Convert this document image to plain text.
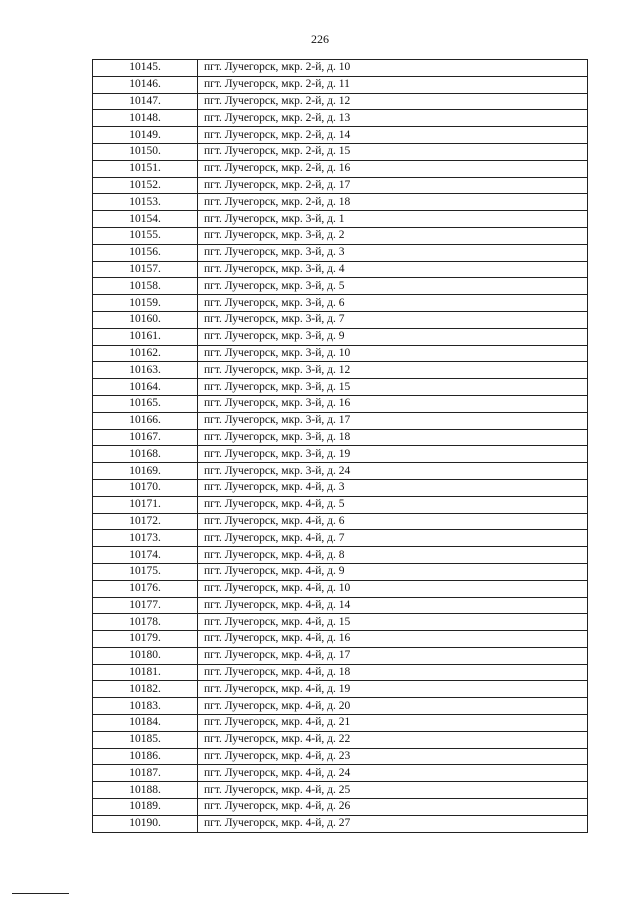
226
10145.	пгт. Лучегорск, мкр. 2-й, д. 10
10146.	пгт. Лучегорск, мкр. 2-й, д. 11
10147.	пгт. Лучегорск, мкр. 2-й, д. 12
10148.	пгт. Лучегорск, мкр. 2-й, д. 13
10149.	пгт. Лучегорск, мкр. 2-й, д. 14
10150.	пгт. Лучегорск, мкр. 2-й, д. 15
10151.	пгт. Лучегорск, мкр. 2-й, д. 16
10152.	пгт. Лучегорск, мкр. 2-й, д. 17
10153.	пгт. Лучегорск, мкр. 2-й, д. 18
10154.	пгт. Лучегорск, мкр. 3-й, д. 1
10155.	пгт. Лучегорск, мкр. 3-й, д. 2
10156.	пгт. Лучегорск, мкр. 3-й, д. 3
10157.	пгт. Лучегорск, мкр. 3-й, д. 4
10158.	пгт. Лучегорск, мкр. 3-й, д. 5
10159.	пгт. Лучегорск, мкр. 3-й, д. 6
10160.	пгт. Лучегорск, мкр. 3-й, д. 7
10161.	пгт. Лучегорск, мкр. 3-й, д. 9
10162.	пгт. Лучегорск, мкр. 3-й, д. 10
10163.	пгт. Лучегорск, мкр. 3-й, д. 12
10164.	пгт. Лучегорск, мкр. 3-й, д. 15
10165.	пгт. Лучегорск, мкр. 3-й, д. 16
10166.	пгт. Лучегорск, мкр. 3-й, д. 17
10167.	пгт. Лучегорск, мкр. 3-й, д. 18
10168.	пгт. Лучегорск, мкр. 3-й, д. 19
10169.	пгт. Лучегорск, мкр. 3-й, д. 24
10170.	пгт. Лучегорск, мкр. 4-й, д. 3
10171.	пгт. Лучегорск, мкр. 4-й, д. 5
10172.	пгт. Лучегорск, мкр. 4-й, д. 6
10173.	пгт. Лучегорск, мкр. 4-й, д. 7
10174.	пгт. Лучегорск, мкр. 4-й, д. 8
10175.	пгт. Лучегорск, мкр. 4-й, д. 9
10176.	пгт. Лучегорск, мкр. 4-й, д. 10
10177.	пгт. Лучегорск, мкр. 4-й, д. 14
10178.	пгт. Лучегорск, мкр. 4-й, д. 15
10179.	пгт. Лучегорск, мкр. 4-й, д. 16
10180.	пгт. Лучегорск, мкр. 4-й, д. 17
10181.	пгт. Лучегорск, мкр. 4-й, д. 18
10182.	пгт. Лучегорск, мкр. 4-й, д. 19
10183.	пгт. Лучегорск, мкр. 4-й, д. 20
10184.	пгт. Лучегорск, мкр. 4-й, д. 21
10185.	пгт. Лучегорск, мкр. 4-й, д. 22
10186.	пгт. Лучегорск, мкр. 4-й, д. 23
10187.	пгт. Лучегорск, мкр. 4-й, д. 24
10188.	пгт. Лучегорск, мкр. 4-й, д. 25
10189.	пгт. Лучегорск, мкр. 4-й, д. 26
10190.	пгт. Лучегорск, мкр. 4-й, д. 27
